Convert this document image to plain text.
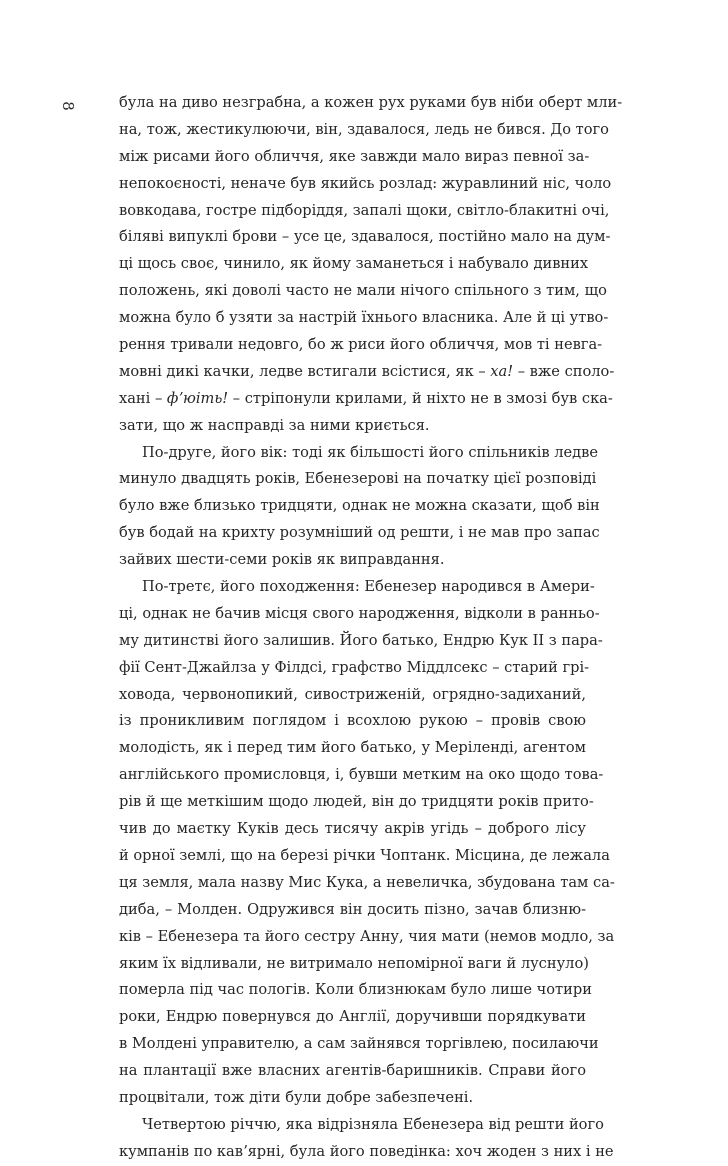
8	була на диво незграбна, а кожен рух руками був ніби оберт мли-
на, тож, жестикулюючи, він, здавалося, ледь не бився. До того
між рисами його обличчя, яке завжди мало вираз певної за-
непокоєності, неначе був якийсь розлад: журавлиний ніс, чоло
вовкодава, гостре підборіддя, запалі щоки, світло-блакитні очі,
біляві випуклі брови – усе це, здавалося, постійно мало на дум-
ці щось своє, чинило, як йому заманеться і набувало дивних
положень, які доволі часто не мали нічого спільного з тим, що
можна було б узяти за настрій їхнього власника. Але й ці утво-
рення тривали недовго, бо ж риси його обличчя, мов ті невга-
мовні дикі качки, ледве встигали всістися, як – ха! – вже споло-
хані – фʼюіть! – стріпонули крилами, й ніхто не в змозі був ска-
зати, що ж насправді за ними криється.
По-друге, його вік: тоді як більшості його спільників ледве
минуло двадцять років, Ебенезерові на початку цієї розповіді
було вже близько тридцяти, однак не можна сказати, щоб він
був бодай на крихту розумніший од решти, і не мав про запас
зайвих шести-семи років як виправдання.
По-третє, його походження: Ебенезер народився в Амери-
ці, однак не бачив місця свого народження, відколи в ранньо-
му дитинстві його залишив. Його батько, Ендрю Кук II з пара-
фії Сент-Джайлза у Філдсі, графство Міддлсекс – старий грі-
ховода, червонопикий, сивостриженій, огрядно-задиханий,
із проникливим поглядом і всохлою рукою – провів свою
молодість, як і перед тим його батько, у Меріленді, агентом
англійського промисловця, і, бувши метким на око щодо това-
рів й ще меткішим щодо людей, він до тридцяти років прито-
чив до маєтку Куків десь тисячу акрів угідь – доброго лісу
й орної землі, що на березі річки Чоптанк. Місцина, де лежала
ця земля, мала назву Мис Кука, а невеличка, збудована там са-
диба, – Молден. Одружився він досить пізно, зачав близню-
ків – Ебенезера та його сестру Анну, чия мати (немов модло, за
яким їх відливали, не витримало непомірної ваги й луснуло)
померла під час пологів. Коли близнюкам було лише чотири
роки, Ендрю повернувся до Англії, доручивши порядкувати
в Молдені управителю, а сам зайнявся торгівлею, посилаючи
на плантації вже власних агентів-баришників. Справи його
процвітали, тож діти були добре забезпечені.
Четвертою річчю, яка відрізняла Ебенезера від решти його
кумпанів по кавʼярні, була його поведінка: хоч жоден з них і не
